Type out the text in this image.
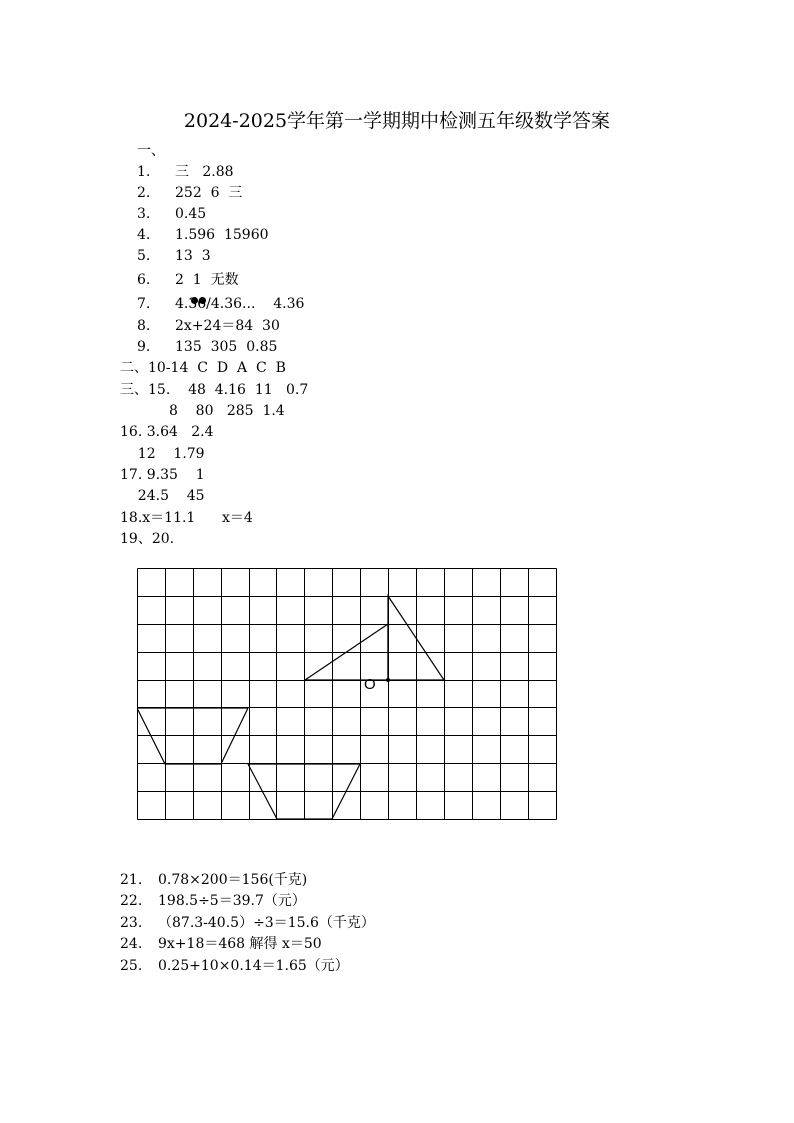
2024-2025学年第一学期期中检测五年级数学答案
一、
1. 三   2.88
2. 252  6  三
3. 0.45
4. 1.596  15960
5. 13  3
6. 2  1  无数
7. 4.36/4.36...    4.36
8. 2x+24＝84  30
9. 135  305  0.85
二、10-14  C  D  A  C  B
三、15.    48  4.16  11   0.7
8    80   285  1.4
16. 3.64   2.4
12    1.79
17. 9.35    1
24.5    45
18.x＝11.1      x＝4
19、20.
O
21. 0.78×200＝156(千克)
22. 198.5÷5＝39.7（元）
23. （87.3-40.5）÷3＝15.6（千克）
24. 9x+18＝468 解得 x＝50
25. 0.25+10×0.14＝1.65（元）
